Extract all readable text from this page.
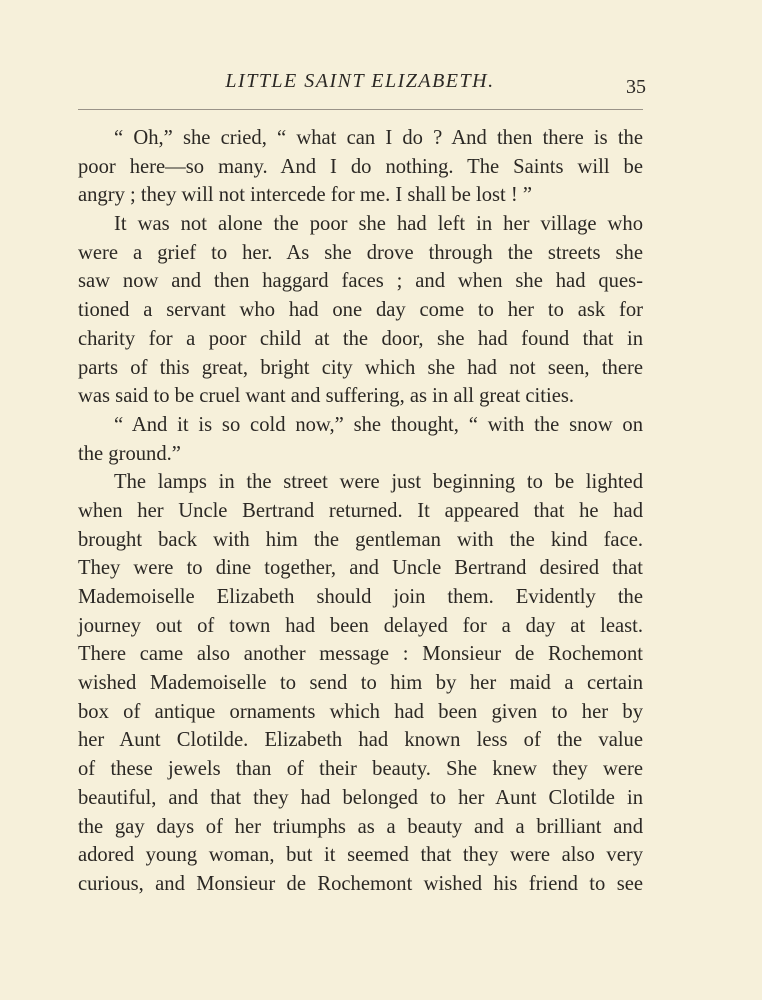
LITTLE SAINT ELIZABETH.	35
“ Oh,” she cried, “ what can I do ? And then there is the
poor here—so many. And I do nothing. The Saints will be
angry ; they will not intercede for me. I shall be lost ! ”
It was not alone the poor she had left in her village who
were a grief to her. As she drove through the streets she
saw now and then haggard faces ; and when she had ques-
tioned a servant who had one day come to her to ask for
charity for a poor child at the door, she had found that in
parts of this great, bright city which she had not seen, there
was said to be cruel want and suffering, as in all great cities.
“ And it is so cold now,” she thought, “ with the snow on
the ground.”
The lamps in the street were just beginning to be lighted
when her Uncle Bertrand returned. It appeared that he had
brought back with him the gentleman with the kind face.
They were to dine together, and Uncle Bertrand desired that
Mademoiselle Elizabeth should join them. Evidently the
journey out of town had been delayed for a day at least.
There came also another message : Monsieur de Rochemont
wished Mademoiselle to send to him by her maid a certain
box of antique ornaments which had been given to her by
her Aunt Clotilde. Elizabeth had known less of the value
of these jewels than of their beauty. She knew they were
beautiful, and that they had belonged to her Aunt Clotilde in
the gay days of her triumphs as a beauty and a brilliant and
adored young woman, but it seemed that they were also very
curious, and Monsieur de Rochemont wished his friend to see
